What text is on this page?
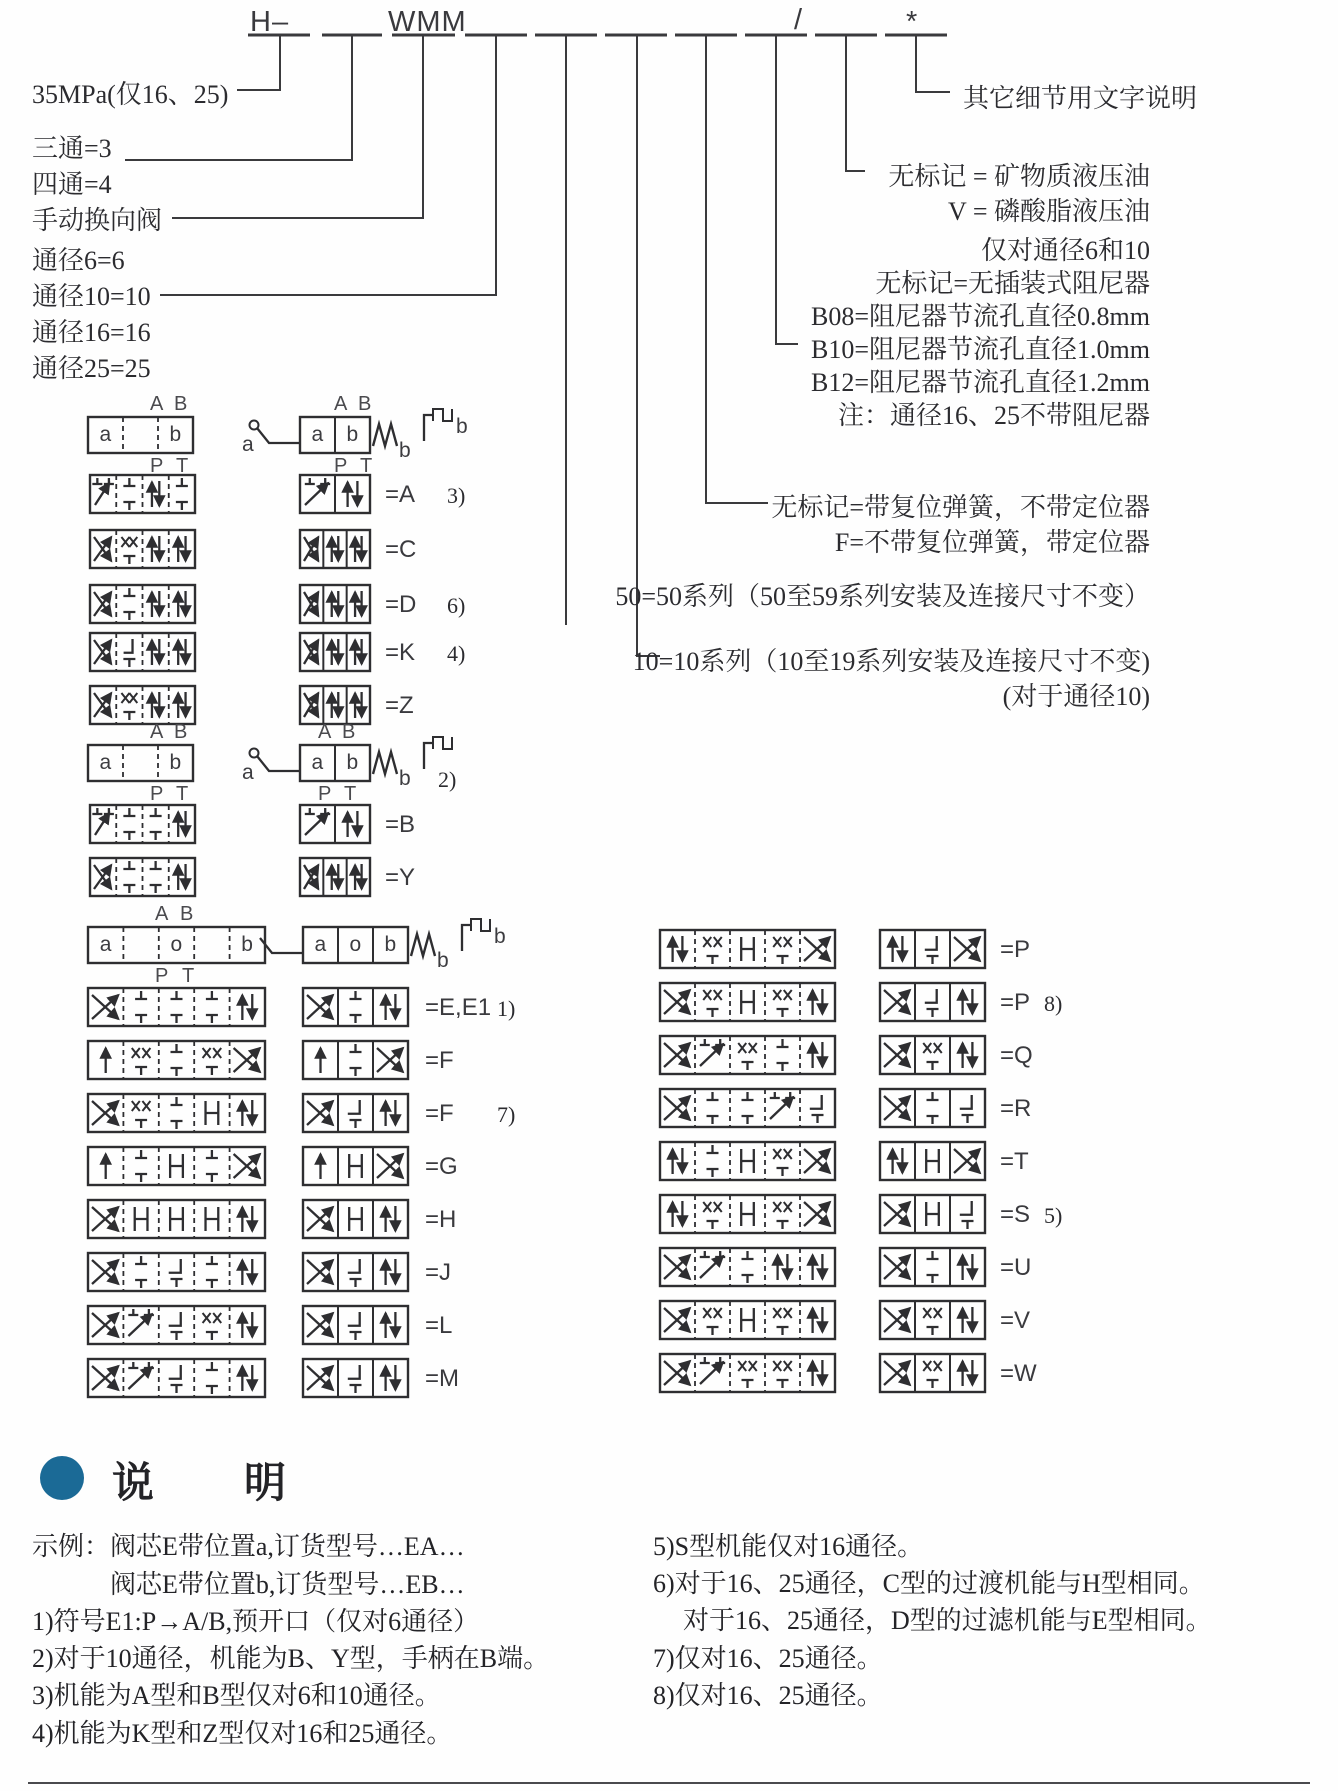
H–	WMM	/	*
35MPa(仅16、25)
三通=3
四通=4
手动换向阀
通径6=6
通径10=10
通径16=16
通径25=25
其它细节用文字说明
无标记 = 矿物质液压油
V = 磷酸脂液压油
仅对通径6和10
无标记=无插装式阻尼器
B08=阻尼器节流孔直径0.8mm
B10=阻尼器节流孔直径1.0mm
B12=阻尼器节流孔直径1.2mm
注：通径16、25不带阻尼器
无标记=带复位弹簧，不带定位器
F=不带复位弹簧，带定位器
50=50系列（50至59系列安装及连接尺寸不变）
10=10系列（10至19系列安装及连接尺寸不变)
(对于通径10)
a	b	a b
A B
P T
A B
P T
a	b
b
a	b	a b
A B
P T
A B
P T
a	b 2)
a	o	b	a o b
A B
P T
b
b
=A 3)
=C
=D 6)
=K 4)
=Z
=B
=Y
=E,E1 1)
=F
=F 7)
=G
=H
=J
=L
=M
=P
=P 8)
=Q
=R
=T
=S 5)
=U
=V
=W
说　　明
示例：阀芯E带位置a,订货型号…EA…
阀芯E带位置b,订货型号…EB…
1)符号E1:P→A/B,预开口（仅对6通径）
2)对于10通径，机能为B、Y型，手柄在B端。
3)机能为A型和B型仅对6和10通径。
4)机能为K型和Z型仅对16和25通径。
5)S型机能仅对16通径。
6)对于16、25通径，C型的过渡机能与H型相同。
对于16、25通径，D型的过滤机能与E型相同。
7)仅对16、25通径。
8)仅对16、25通径。
